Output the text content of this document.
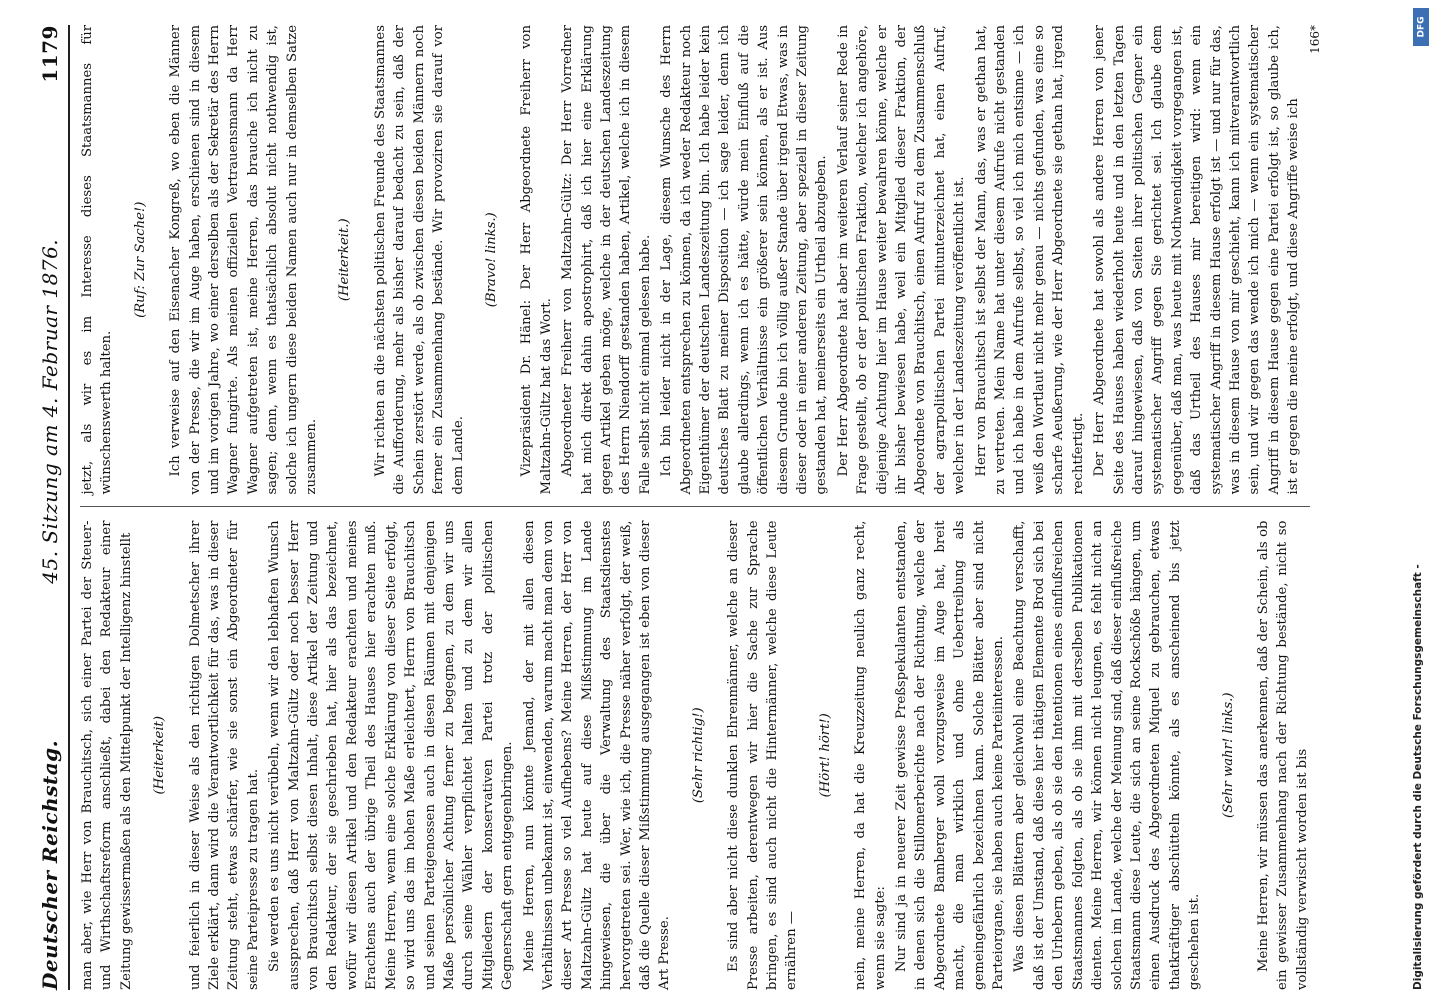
Deutscher Reichstag.
45. Sitzung am 4. Februar 1876.
1179

man aber, wie Herr von Brauchitsch, sich einer Partei der Steuer- und Wirthschaftsreform anschließt, dabei den Redakteur einer Zeitung gewissermaßen als den Mittelpunkt der Intelligenz hinstellt (Heiterkeit) und feierlich in dieser Weise als den richtigen Dolmetscher ihrer Ziele erklärt, dann wird die Verantwortlichkeit für das, was in dieser Zeitung steht, etwas schärfer, wie sie sonst ein Abgeordneter für seine Parteipresse zu tragen hat. Sie werden es uns nicht verübeln, wenn wir den lebhaften Wunsch aussprechen, daß Herr von Maltzahn-Gültz oder noch besser Herr von Brauchitsch selbst diesen Inhalt, diese Artikel der Zeitung und den Redakteur, der sie geschrieben hat, hier als das bezeichnet, wofür wir diesen Artikel und den Redakteur erachten und meines Erachtens auch der übrige Theil des Hauses hier erachten muß. Meine Herren, wenn eine solche Erklärung von dieser Seite erfolgt, so wird uns das im hohen Maße erleichtert, Herrn von Brauchitsch und seinen Parteigenossen auch in diesen Räumen mit denjenigen Maße persönlicher Achtung ferner zu begegnen, zu dem wir uns durch seine Wähler verpflichtet halten und zu dem wir allen Mitgliedern der konservativen Partei trotz der politischen Gegnerschaft gern entgegenbringen. Meine Herren, nun könnte Jemand, der mit allen diesen Verhältnissen unbekannt ist, einwenden, warum macht man denn von dieser Art Presse so viel Aufhebens? Meine Herren, der Herr von Maltzahn-Gültz hat heute auf diese Mißstimmung im Lande hingewiesen, die über die Verwaltung des Staatsdienstes hervorgetreten sei. Wer, wie ich, die Presse näher verfolgt, der weiß, daß die Quelle dieser Mißstimmung ausgegangen ist eben von dieser Art Presse.

(Sehr richtig!) Es sind aber nicht diese dunklen Ehrenmänner, welche an dieser Presse arbeiten, derentwegen wir hier die Sache zur Sprache bringen, es sind auch nicht die Hintermänner, welche diese Leute ernähren —

(Hört! hört!) nein, meine Herren, da hat die Kreuzzeitung neulich ganz recht, wenn sie sagte: Nur sind ja in neuerer Zeit gewisse Preßspekulanten entstanden, in denen sich die Stillomerberichte nach der Richtung, welche der Abgeordnete Bamberger wohl vorzugsweise im Auge hat, breit macht, die man wirklich und ohne Uebertreibung als gemeingefährlich bezeichnen kann. Solche Blätter aber sind nicht Parteiorgane, sie haben auch keine Parteiinteressen. Was diesen Blättern aber gleichwohl eine Beachtung verschafft, daß ist der Umstand, daß diese hier thätigen Elemente Brod sich bei den Urhebern geben, als ob sie den Intentionen eines einflußreichen Staatsmannes folgten, als ob sie ihm mit derselben Publikationen dienten. Meine Herren, wir können nicht leugnen, es fehlt nicht an solchen im Lande, welche der Meinung sind, daß dieser einflußreiche Staatsmann diese Leute, die sich an seine Rockschöße hängen, um einen Ausdruck des Abgeordneten Miquel zu gebrauchen, etwas thatkräftiger abschütteln könnte, als es anscheinend bis jetzt geschehen ist.

(Sehr wahr! links.) Meine Herren, wir müssen das anerkennen, daß der Schein, als ob ein gewisser Zusammenhang nach der Richtung bestände, nicht so vollständig verwischt worden ist bis

jetzt, als wir es im Interesse dieses Staatsmannes für wünschenswerth halten.

(Ruf: Zur Sache!) Ich verweise auf den Eisenacher Kongreß, wo eben die Männer von der Presse, die wir im Auge haben, erschienen sind in diesem und im vorigen Jahre, wo einer derselben als der Sekretär des Herrn Wagner fungirte. Als meinen offiziellen Vertrauensmann da Herr Wagner aufgetreten ist, meine Herren, das brauche ich nicht zu sagen; denn, wenn es thatsächlich absolut nicht nothwendig ist, solche ich ungern diese beiden Namen auch nur in demselben Satze zusammen.

(Heiterkeit.) Wir richten an die nächsten politischen Freunde des Staatsmannes die Aufforderung, mehr als bisher darauf bedacht zu sein, daß der Schein zerstört werde, als ob zwischen diesen beiden Männern noch ferner ein Zusammenhang bestände. Wir provoziren sie darauf vor dem Lande.

(Bravo! links.) Vizepräsident Dr. Hänel: Der Herr Abgeordnete Freiherr von Maltzahn-Gültz hat das Wort. Abgeordneter Freiherr von Maltzahn-Gültz: Der Herr Vorredner hat mich direkt dahin apostrophirt, daß ich hier eine Erklärung gegen Artikel geben möge, welche in der deutschen Landeszeitung des Herrn Niendorff gestanden haben, Artikel, welche ich in diesem Falle selbst nicht einmal gelesen habe. Ich bin leider nicht in der Lage, diesem Wunsche des Herrn Abgeordneten entsprechen zu können, da ich weder Redakteur noch Eigenthümer der deutschen Landeszeitung bin. Ich habe leider kein deutsches Blatt zu meiner Disposition — ich sage leider, denn ich glaube allerdings, wenn ich es hätte, würde mein Einfluß auf die öffentlichen Verhältnisse ein größerer sein können, als er ist. Aus diesem Grunde bin ich völlig außer Stande über irgend Etwas, was in dieser oder in einer anderen Zeitung, aber speziell in dieser Zeitung gestanden hat, meinerseits ein Urtheil abzugeben. Der Herr Abgeordnete hat aber im weiteren Verlauf seiner Rede in Frage gestellt, ob er der politischen Fraktion, welcher ich angehöre, diejenige Achtung hier im Hause weiter bewahren könne, welche er ihr bisher bewiesen habe, weil ein Mitglied dieser Fraktion, der Abgeordnete von Brauchitsch, einen Aufruf zu dem Zusammenschluß der agrarpolitischen Partei mitunterzeichnet hat, einen Aufruf, welcher in der Landeszeitung veröffentlicht ist. Herr von Brauchitsch ist selbst der Mann, das, was er gethan hat, zu vertreten. Mein Name hat unter diesem Aufrufe nicht gestanden und ich habe in dem Aufrufe selbst, so viel ich mich entsinne — ich weiß den Wortlaut nicht mehr genau — nichts gefunden, was eine so scharfe Aeußerung, wie der Herr Abgeordnete sie gethan hat, irgend rechtfertigt. Der Herr Abgeordnete hat sowohl als andere Herren von jener Seite des Hauses haben wiederholt heute und in den letzten Tagen darauf hingewiesen, daß von Seiten ihrer politischen Gegner ein systematischer Angriff gegen Sie gerichtet sei. Ich glaube dem gegenüber, daß man, was heute mit Nothwendigkeit vorgegangen ist, daß das Urtheil des Hauses mir bereitigen wird: wenn ein systematischer Angriff in diesem Hause erfolgt ist — und nur für das, was in diesem Hause von mir geschieht, kann ich mitverantwortlich sein, und wir gegen das wende ich mich — wenn ein systematischer Angriff in diesem Hause gegen eine Partei erfolgt ist, so glaube ich, ist er gegen die meine erfolgt, und diese Angriffe weise ich

166*	DFG
Digitalisierung gefördert durch die Deutsche Forschungsgemeinschaft -
